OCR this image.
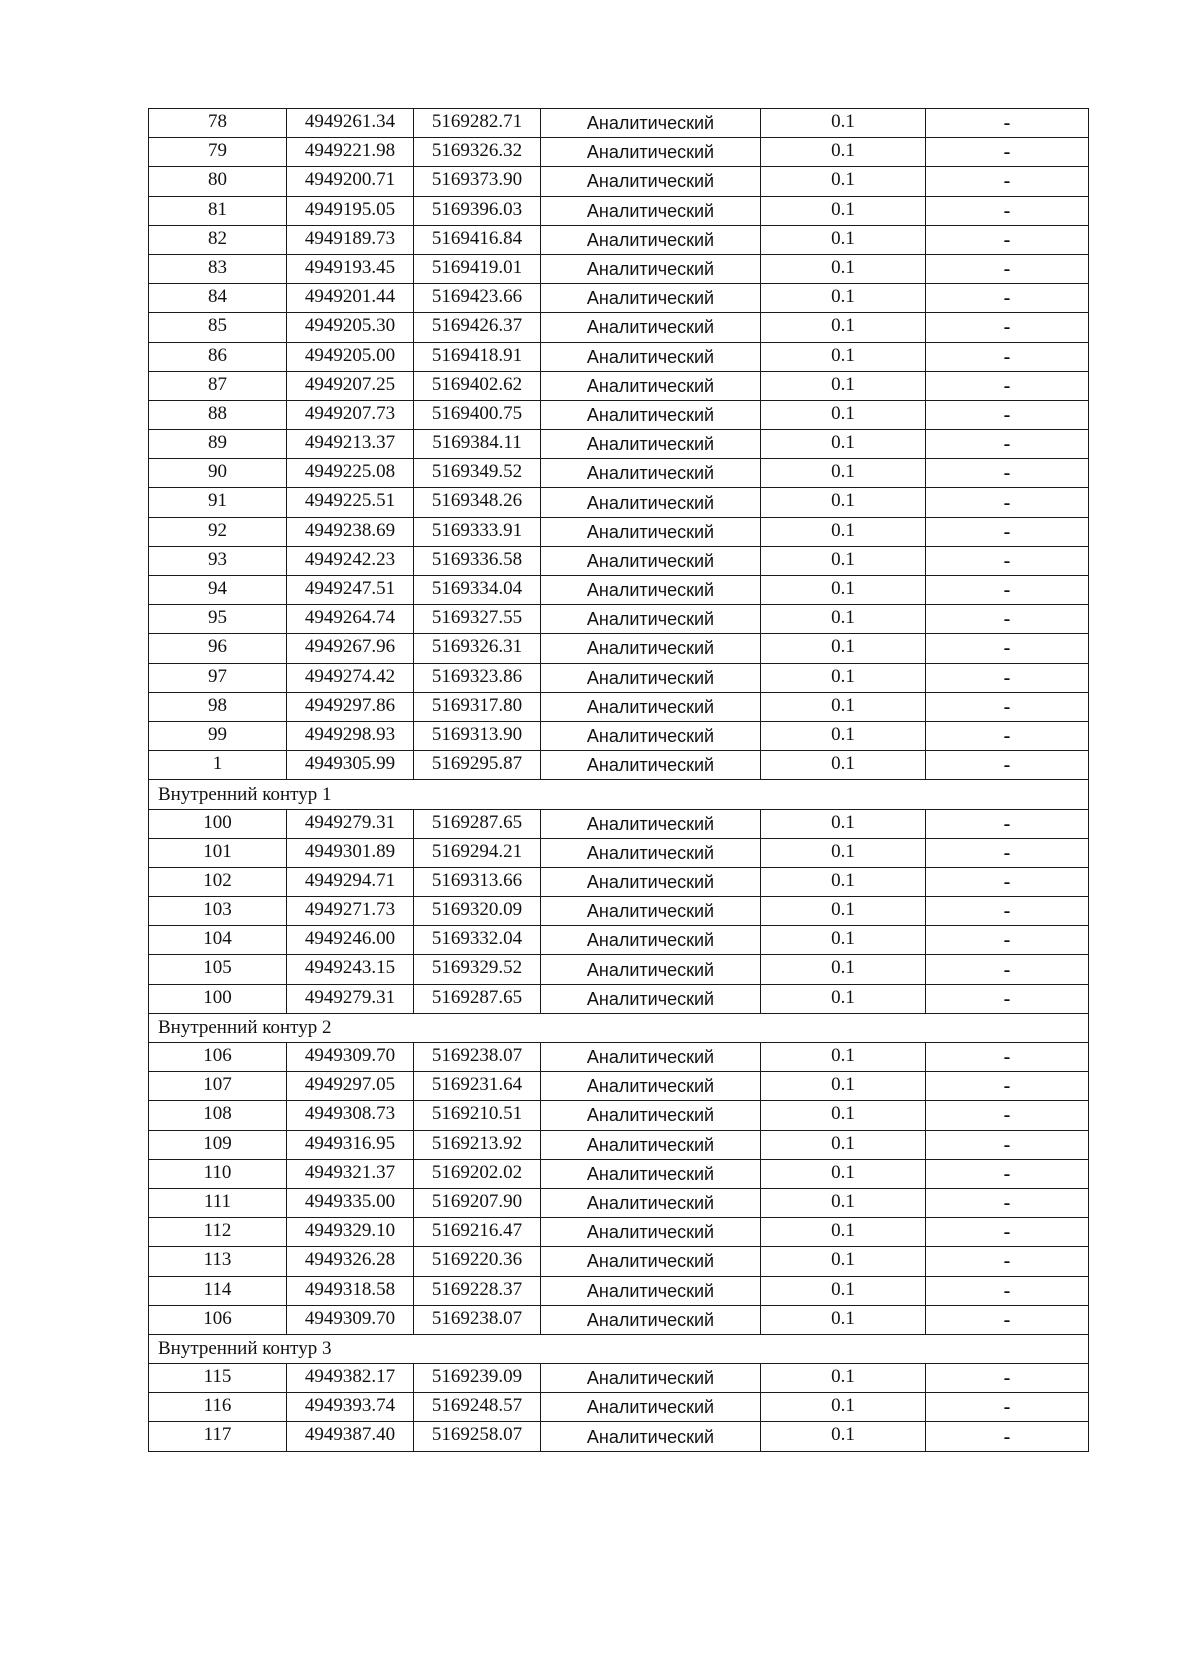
78	4949261.34	5169282.71	Аналитический	0.1	-
79	4949221.98	5169326.32	Аналитический	0.1	-
80	4949200.71	5169373.90	Аналитический	0.1	-
81	4949195.05	5169396.03	Аналитический	0.1	-
82	4949189.73	5169416.84	Аналитический	0.1	-
83	4949193.45	5169419.01	Аналитический	0.1	-
84	4949201.44	5169423.66	Аналитический	0.1	-
85	4949205.30	5169426.37	Аналитический	0.1	-
86	4949205.00	5169418.91	Аналитический	0.1	-
87	4949207.25	5169402.62	Аналитический	0.1	-
88	4949207.73	5169400.75	Аналитический	0.1	-
89	4949213.37	5169384.11	Аналитический	0.1	-
90	4949225.08	5169349.52	Аналитический	0.1	-
91	4949225.51	5169348.26	Аналитический	0.1	-
92	4949238.69	5169333.91	Аналитический	0.1	-
93	4949242.23	5169336.58	Аналитический	0.1	-
94	4949247.51	5169334.04	Аналитический	0.1	-
95	4949264.74	5169327.55	Аналитический	0.1	-
96	4949267.96	5169326.31	Аналитический	0.1	-
97	4949274.42	5169323.86	Аналитический	0.1	-
98	4949297.86	5169317.80	Аналитический	0.1	-
99	4949298.93	5169313.90	Аналитический	0.1	-
1	4949305.99	5169295.87	Аналитический	0.1	-
Внутренний контур 1					
100	4949279.31	5169287.65	Аналитический	0.1	-
101	4949301.89	5169294.21	Аналитический	0.1	-
102	4949294.71	5169313.66	Аналитический	0.1	-
103	4949271.73	5169320.09	Аналитический	0.1	-
104	4949246.00	5169332.04	Аналитический	0.1	-
105	4949243.15	5169329.52	Аналитический	0.1	-
100	4949279.31	5169287.65	Аналитический	0.1	-
Внутренний контур 2					
106	4949309.70	5169238.07	Аналитический	0.1	-
107	4949297.05	5169231.64	Аналитический	0.1	-
108	4949308.73	5169210.51	Аналитический	0.1	-
109	4949316.95	5169213.92	Аналитический	0.1	-
110	4949321.37	5169202.02	Аналитический	0.1	-
111	4949335.00	5169207.90	Аналитический	0.1	-
112	4949329.10	5169216.47	Аналитический	0.1	-
113	4949326.28	5169220.36	Аналитический	0.1	-
114	4949318.58	5169228.37	Аналитический	0.1	-
106	4949309.70	5169238.07	Аналитический	0.1	-
Внутренний контур 3					
115	4949382.17	5169239.09	Аналитический	0.1	-
116	4949393.74	5169248.57	Аналитический	0.1	-
117	4949387.40	5169258.07	Аналитический	0.1	-
